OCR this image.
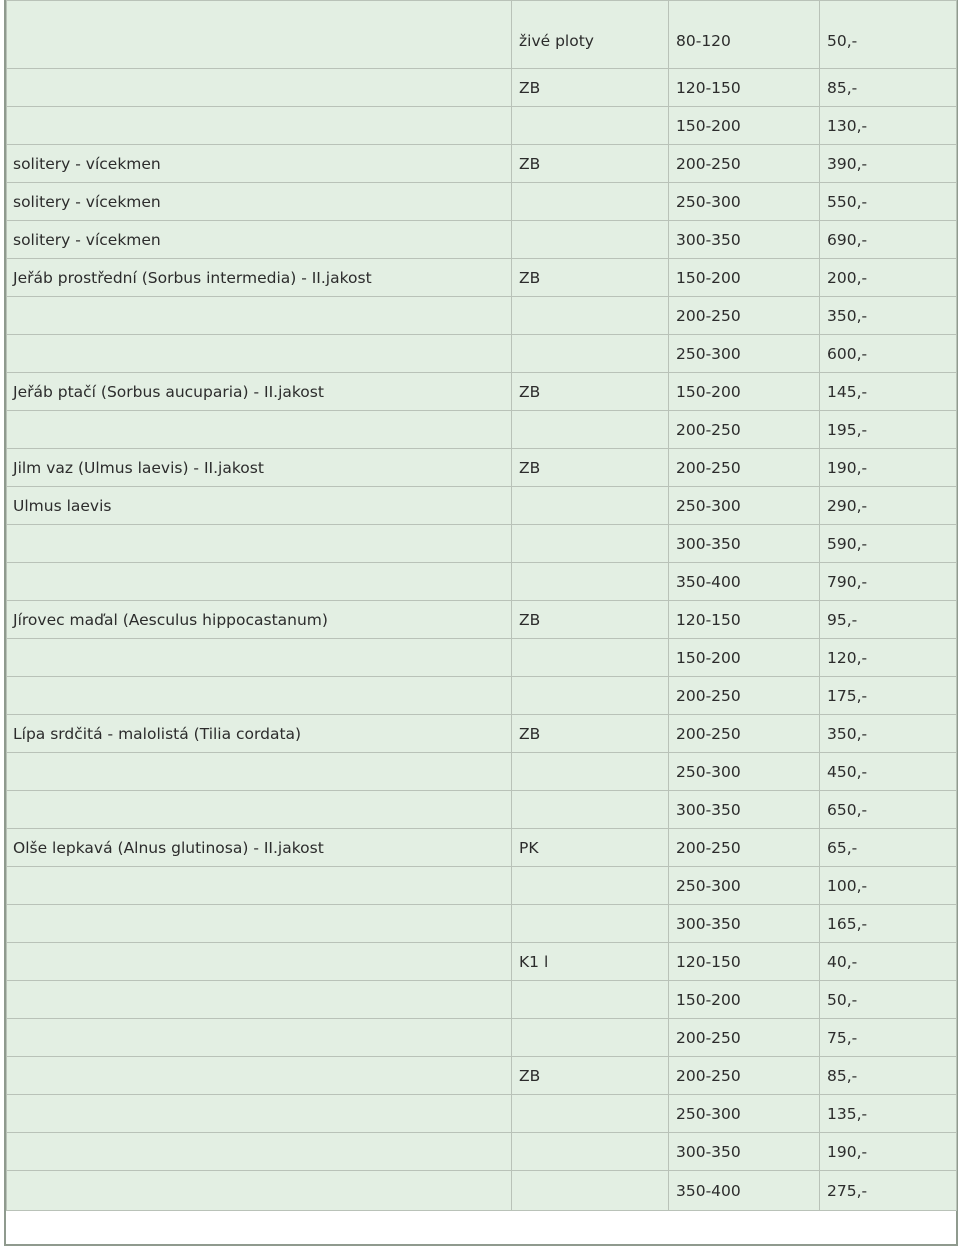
	živé ploty	80-120	50,-
	ZB	120-150	85,-
		150-200	130,-
solitery - vícekmen	ZB	200-250	390,-
solitery - vícekmen		250-300	550,-
solitery - vícekmen		300-350	690,-
Jeřáb prostřední (Sorbus intermedia) - II.jakost	ZB	150-200	200,-
		200-250	350,-
		250-300	600,-
Jeřáb ptačí (Sorbus aucuparia) - II.jakost	ZB	150-200	145,-
		200-250	195,-
Jilm vaz (Ulmus laevis) - II.jakost	ZB	200-250	190,-
Ulmus laevis		250-300	290,-
		300-350	590,-
		350-400	790,-
Jírovec maďal (Aesculus hippocastanum)	ZB	120-150	95,-
		150-200	120,-
		200-250	175,-
Lípa srdčitá - malolistá (Tilia cordata)	ZB	200-250	350,-
		250-300	450,-
		300-350	650,-
Olše lepkavá (Alnus glutinosa) - II.jakost	PK	200-250	65,-
		250-300	100,-
		300-350	165,-
	K1 l	120-150	40,-
		150-200	50,-
		200-250	75,-
	ZB	200-250	85,-
		250-300	135,-
		300-350	190,-
		350-400	275,-
